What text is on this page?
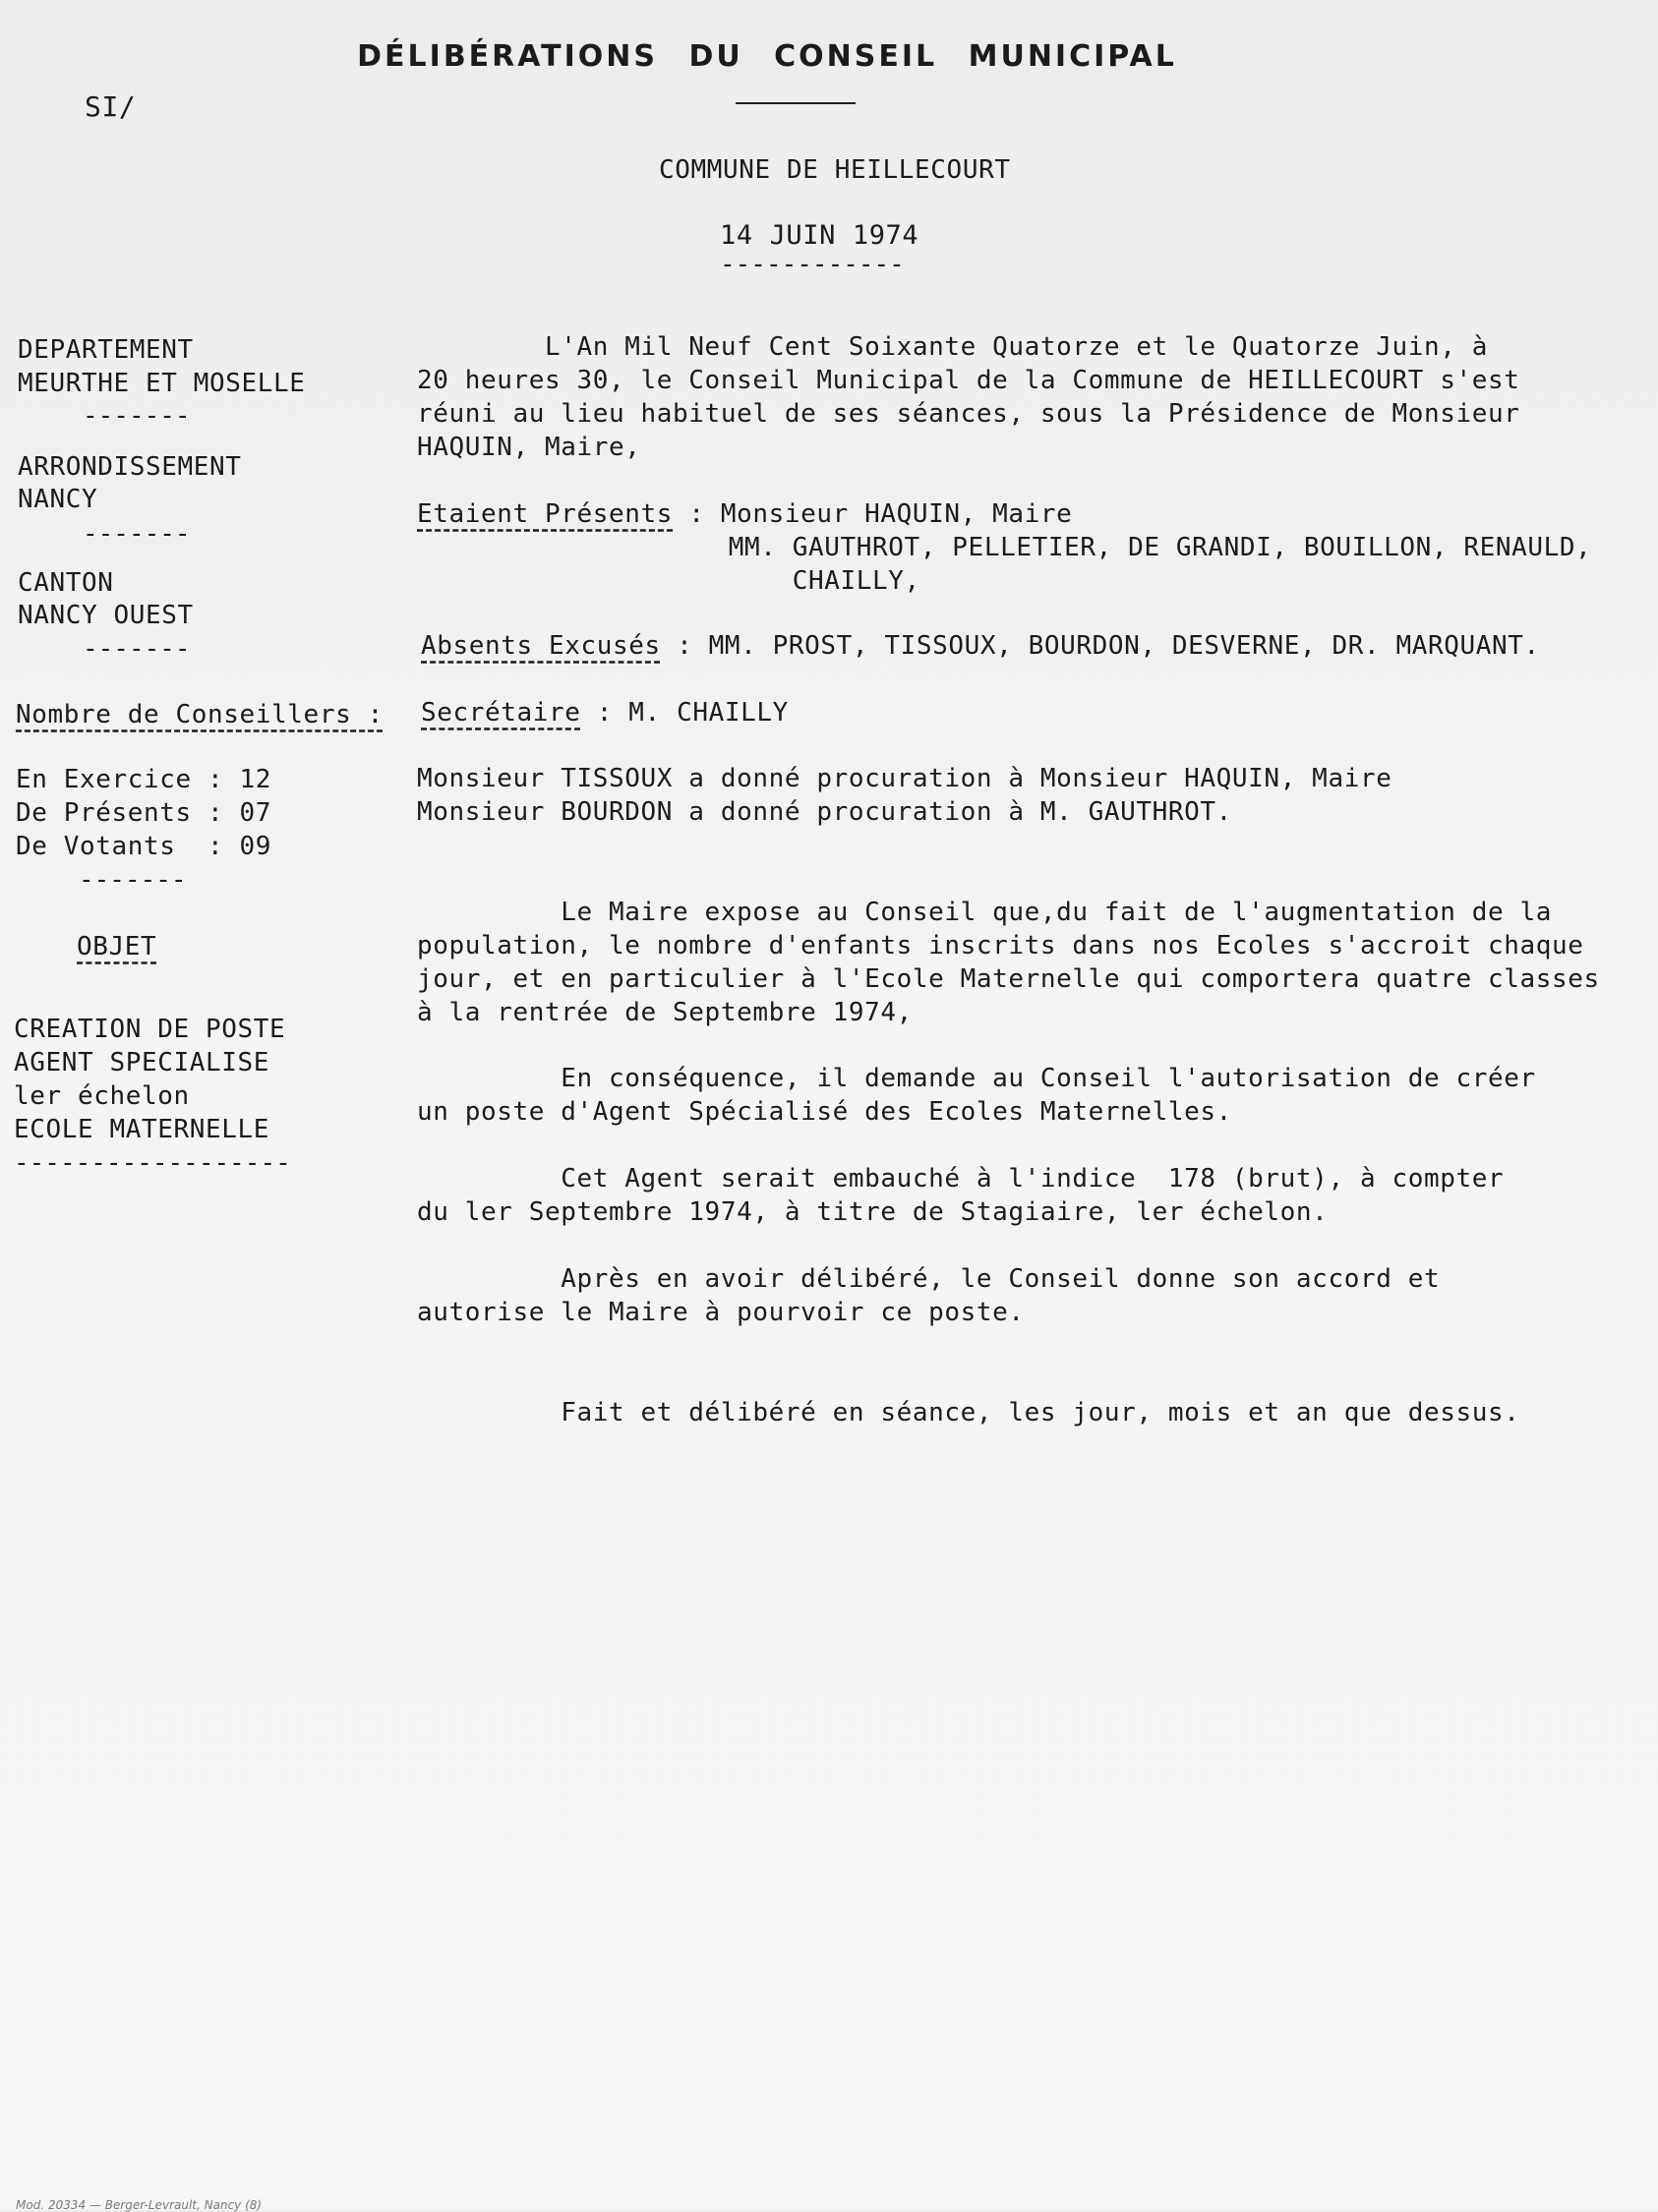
DÉLIBÉRATIONS DU CONSEIL MUNICIPAL
SI/
COMMUNE DE HEILLECOURT
14 JUIN 1974
------------
DEPARTEMENT
MEURTHE ET MOSELLE
-------
ARRONDISSEMENT
NANCY
-------
CANTON
NANCY OUEST
-------
Nombre de Conseillers :
En Exercice : 12
De Présents : 07
De Votants  : 09
-------
OBJET
CREATION DE POSTE
AGENT SPECIALISE
ler échelon
ECOLE MATERNELLE
------------------
L'An Mil Neuf Cent Soixante Quatorze et le Quatorze Juin, à
20 heures 30, le Conseil Municipal de la Commune de HEILLECOURT s'est
réuni au lieu habituel de ses séances, sous la Présidence de Monsieur
HAQUIN, Maire,
Etaient Présents : Monsieur HAQUIN, Maire
MM. GAUTHROT, PELLETIER, DE GRANDI, BOUILLON, RENAULD,
CHAILLY,
Absents Excusés : MM. PROST, TISSOUX, BOURDON, DESVERNE, DR. MARQUANT.
Secrétaire : M. CHAILLY
Monsieur TISSOUX a donné procuration à Monsieur HAQUIN, Maire
Monsieur BOURDON a donné procuration à M. GAUTHROT.
Le Maire expose au Conseil que,du fait de l'augmentation de la
population, le nombre d'enfants inscrits dans nos Ecoles s'accroit chaque
jour, et en particulier à l'Ecole Maternelle qui comportera quatre classes
à la rentrée de Septembre 1974,
En conséquence, il demande au Conseil l'autorisation de créer
un poste d'Agent Spécialisé des Ecoles Maternelles.
Cet Agent serait embauché à l'indice  178 (brut), à compter
du ler Septembre 1974, à titre de Stagiaire, ler échelon.
Après en avoir délibéré, le Conseil donne son accord et
autorise le Maire à pourvoir ce poste.
Fait et délibéré en séance, les jour, mois et an que dessus.
Mod. 20334 — Berger-Levrault, Nancy (8)
